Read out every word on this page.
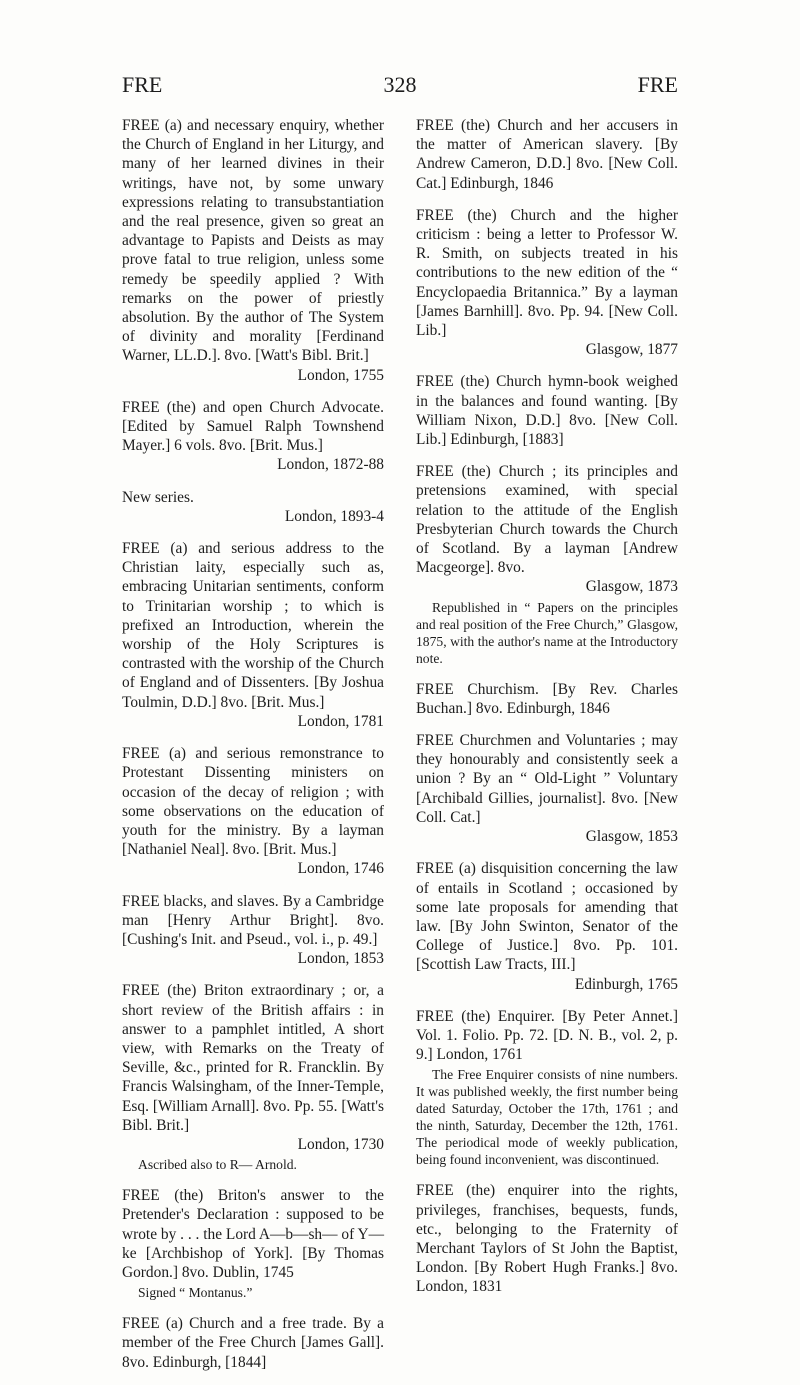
FRE	328	FRE
FREE (a) and necessary enquiry, whether the Church of England in her Liturgy, and many of her learned divines in their writings, have not, by some unwary expressions relating to transubstantiation and the real presence, given so great an advantage to Papists and Deists as may prove fatal to true religion, unless some remedy be speedily applied ? With remarks on the power of priestly absolution. By the author of The System of divinity and morality [Ferdinand Warner, LL.D.]. 8vo. [Watt's Bibl. Brit.]
London, 1755
FREE (the) and open Church Advocate. [Edited by Samuel Ralph Townshend Mayer.] 6 vols. 8vo. [Brit. Mus.]
London, 1872-88
New series.
London, 1893-4
FREE (a) and serious address to the Christian laity, especially such as, embracing Unitarian sentiments, conform to Trinitarian worship ; to which is prefixed an Introduction, wherein the worship of the Holy Scriptures is contrasted with the worship of the Church of England and of Dissenters. [By Joshua Toulmin, D.D.] 8vo. [Brit. Mus.]
London, 1781
FREE (a) and serious remonstrance to Protestant Dissenting ministers on occasion of the decay of religion ; with some observations on the education of youth for the ministry. By a layman [Nathaniel Neal]. 8vo. [Brit. Mus.]
London, 1746
FREE blacks, and slaves. By a Cambridge man [Henry Arthur Bright]. 8vo. [Cushing's Init. and Pseud., vol. i., p. 49.]
London, 1853
FREE (the) Briton extraordinary ; or, a short review of the British affairs : in answer to a pamphlet intitled, A short view, with Remarks on the Treaty of Seville, &c., printed for R. Francklin. By Francis Walsingham, of the Inner-Temple, Esq. [William Arnall]. 8vo. Pp. 55. [Watt's Bibl. Brit.]
London, 1730
Ascribed also to R— Arnold.
FREE (the) Briton's answer to the Pretender's Declaration : supposed to be wrote by . . . the Lord A—b—sh— of Y—ke [Archbishop of York]. [By Thomas Gordon.] 8vo. Dublin, 1745
Signed “ Montanus.”
FREE (a) Church and a free trade. By a member of the Free Church [James Gall]. 8vo. Edinburgh, [1844]
FREE (the) Church and her accusers in the matter of American slavery. [By Andrew Cameron, D.D.] 8vo. [New Coll. Cat.] Edinburgh, 1846
FREE (the) Church and the higher criticism : being a letter to Professor W. R. Smith, on subjects treated in his contributions to the new edition of the “ Encyclopaedia Britannica.” By a layman [James Barnhill]. 8vo. Pp. 94. [New Coll. Lib.]
Glasgow, 1877
FREE (the) Church hymn-book weighed in the balances and found wanting. [By William Nixon, D.D.] 8vo. [New Coll. Lib.] Edinburgh, [1883]
FREE (the) Church ; its principles and pretensions examined, with special relation to the attitude of the English Presbyterian Church towards the Church of Scotland. By a layman [Andrew Macgeorge]. 8vo.
Glasgow, 1873
Republished in “ Papers on the principles and real position of the Free Church,” Glasgow, 1875, with the author's name at the Introductory note.
FREE Churchism. [By Rev. Charles Buchan.] 8vo. Edinburgh, 1846
FREE Churchmen and Voluntaries ; may they honourably and consistently seek a union ? By an “ Old-Light ” Voluntary [Archibald Gillies, journalist]. 8vo. [New Coll. Cat.]
Glasgow, 1853
FREE (a) disquisition concerning the law of entails in Scotland ; occasioned by some late proposals for amending that law. [By John Swinton, Senator of the College of Justice.] 8vo. Pp. 101. [Scottish Law Tracts, III.]
Edinburgh, 1765
FREE (the) Enquirer. [By Peter Annet.] Vol. 1. Folio. Pp. 72. [D. N. B., vol. 2, p. 9.] London, 1761
The Free Enquirer consists of nine numbers. It was published weekly, the first number being dated Saturday, October the 17th, 1761 ; and the ninth, Saturday, December the 12th, 1761. The periodical mode of weekly publication, being found inconvenient, was discontinued.
FREE (the) enquirer into the rights, privileges, franchises, bequests, funds, etc., belonging to the Fraternity of Merchant Taylors of St John the Baptist, London. [By Robert Hugh Franks.] 8vo. London, 1831
